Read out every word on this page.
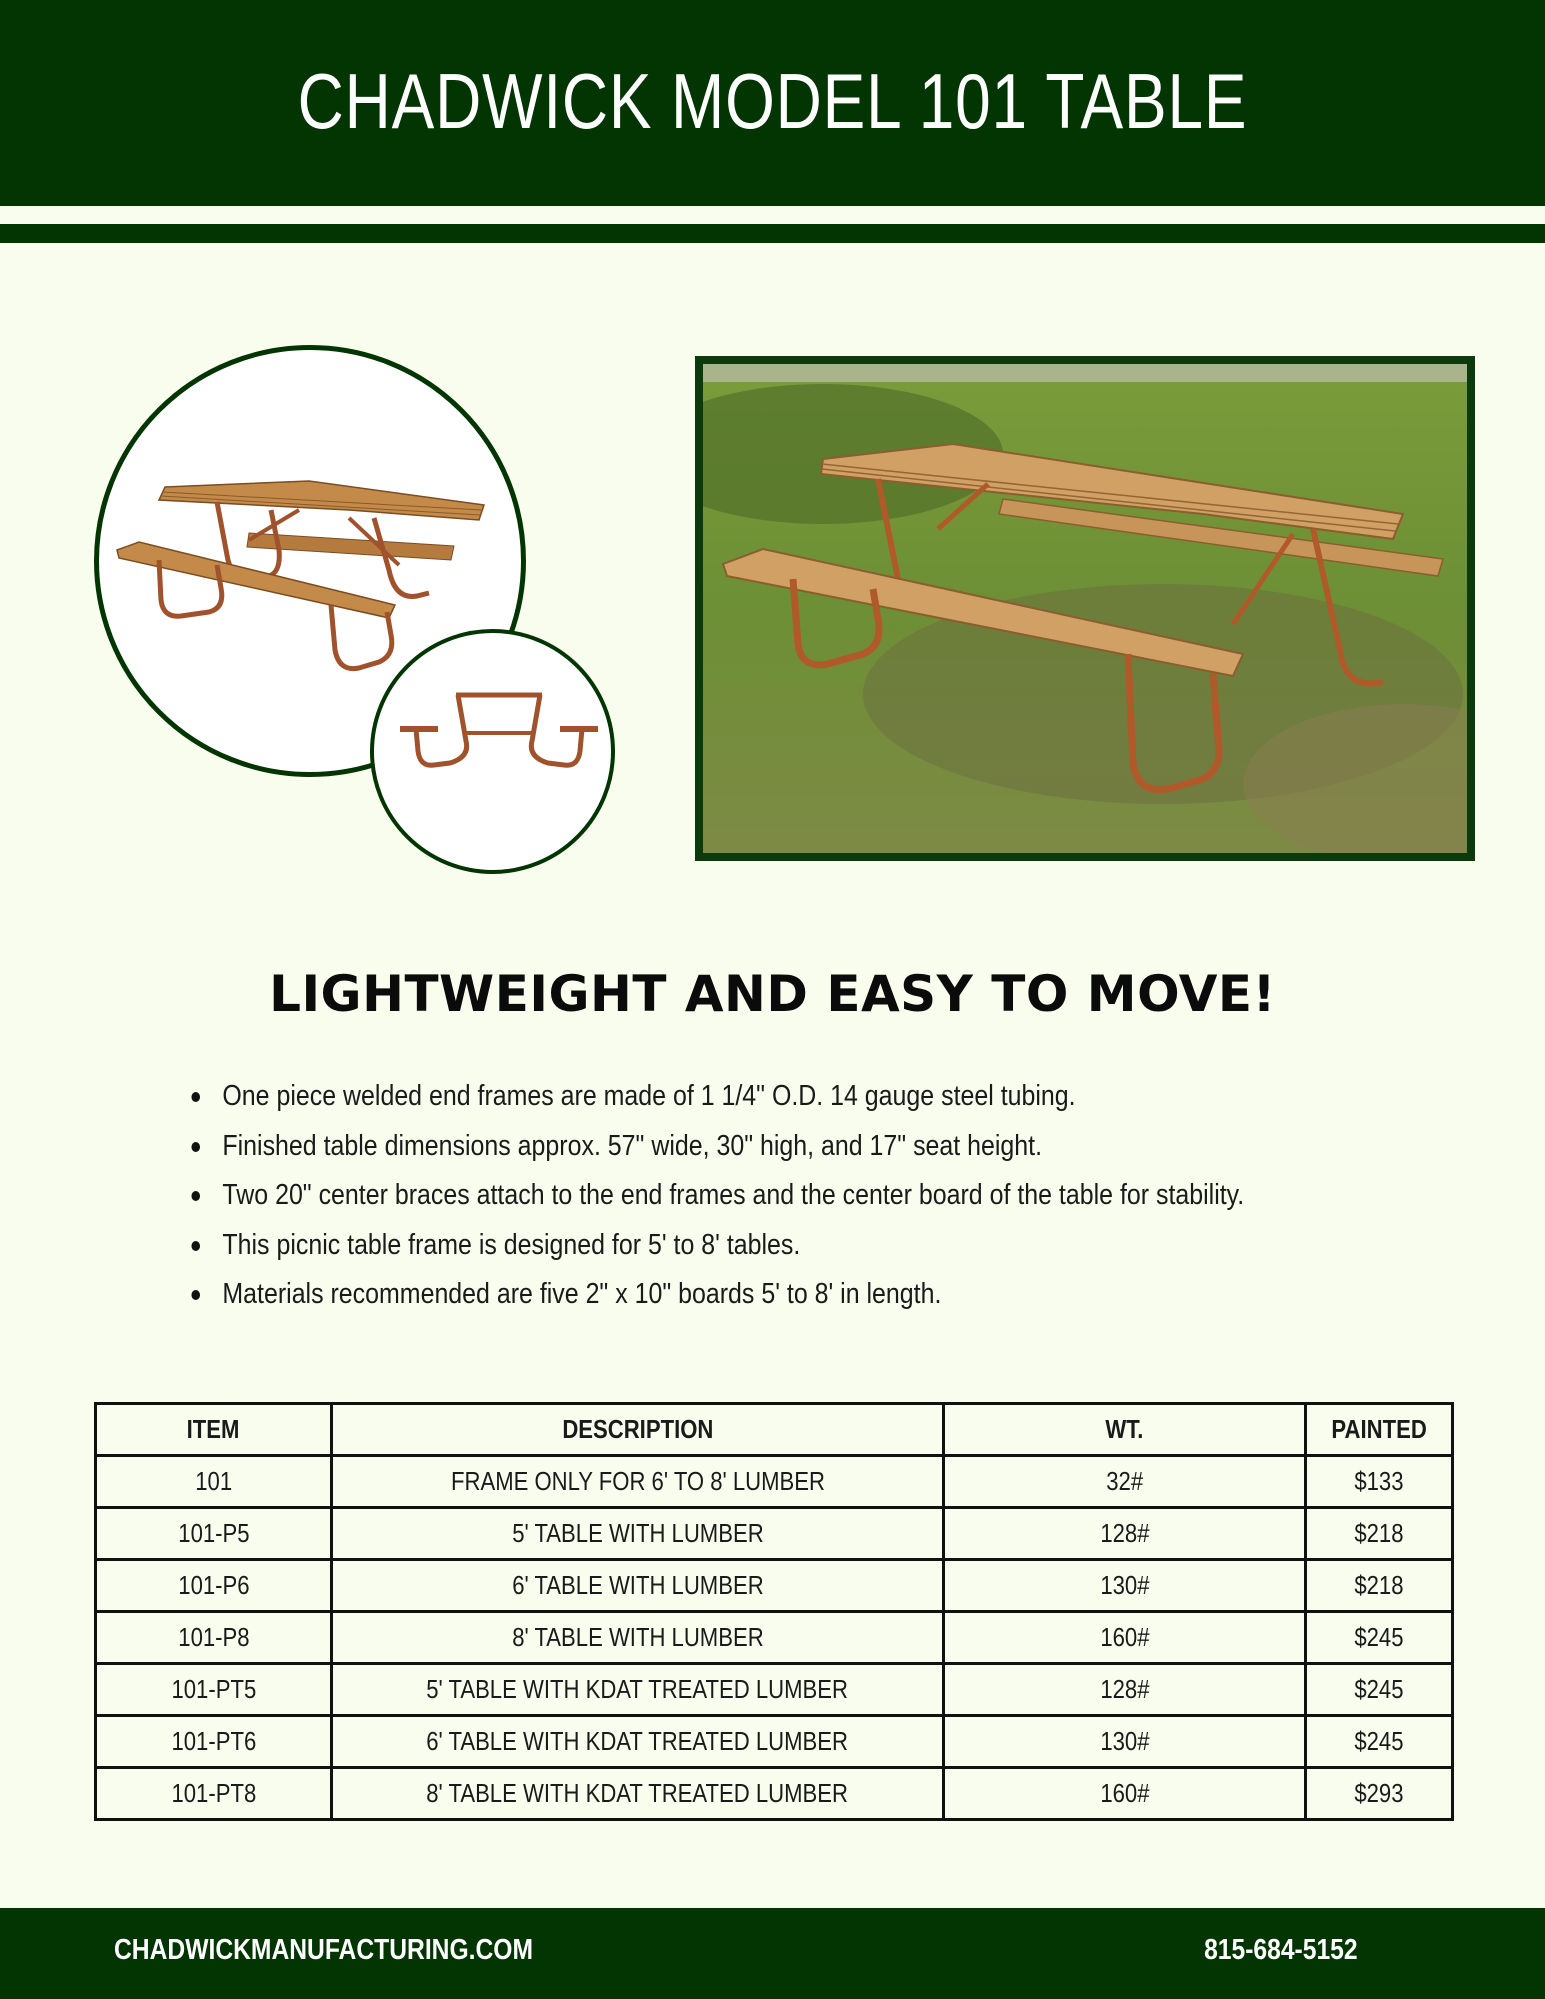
CHADWICK MODEL 101 TABLE
LIGHTWEIGHT AND EASY TO MOVE!
One piece welded end frames are made of 1 1/4" O.D. 14 gauge steel tubing.
Finished table dimensions approx. 57" wide, 30" high, and 17" seat height.
Two 20" center braces attach to the end frames and the center board of the table for stability.
This picnic table frame is designed for 5' to 8' tables.
Materials recommended are five 2" x 10" boards 5' to 8' in length.
ITEM	DESCRIPTION	WT.	PAINTED
101	FRAME ONLY FOR 6' TO 8' LUMBER	32#	$133
101-P5	5' TABLE WITH LUMBER	128#	$218
101-P6	6' TABLE WITH LUMBER	130#	$218
101-P8	8' TABLE WITH LUMBER	160#	$245
101-PT5	5' TABLE WITH KDAT TREATED LUMBER	128#	$245
101-PT6	6' TABLE WITH KDAT TREATED LUMBER	130#	$245
101-PT8	8' TABLE WITH KDAT TREATED LUMBER	160#	$293
CHADWICKMANUFACTURING.COM	815-684-5152
